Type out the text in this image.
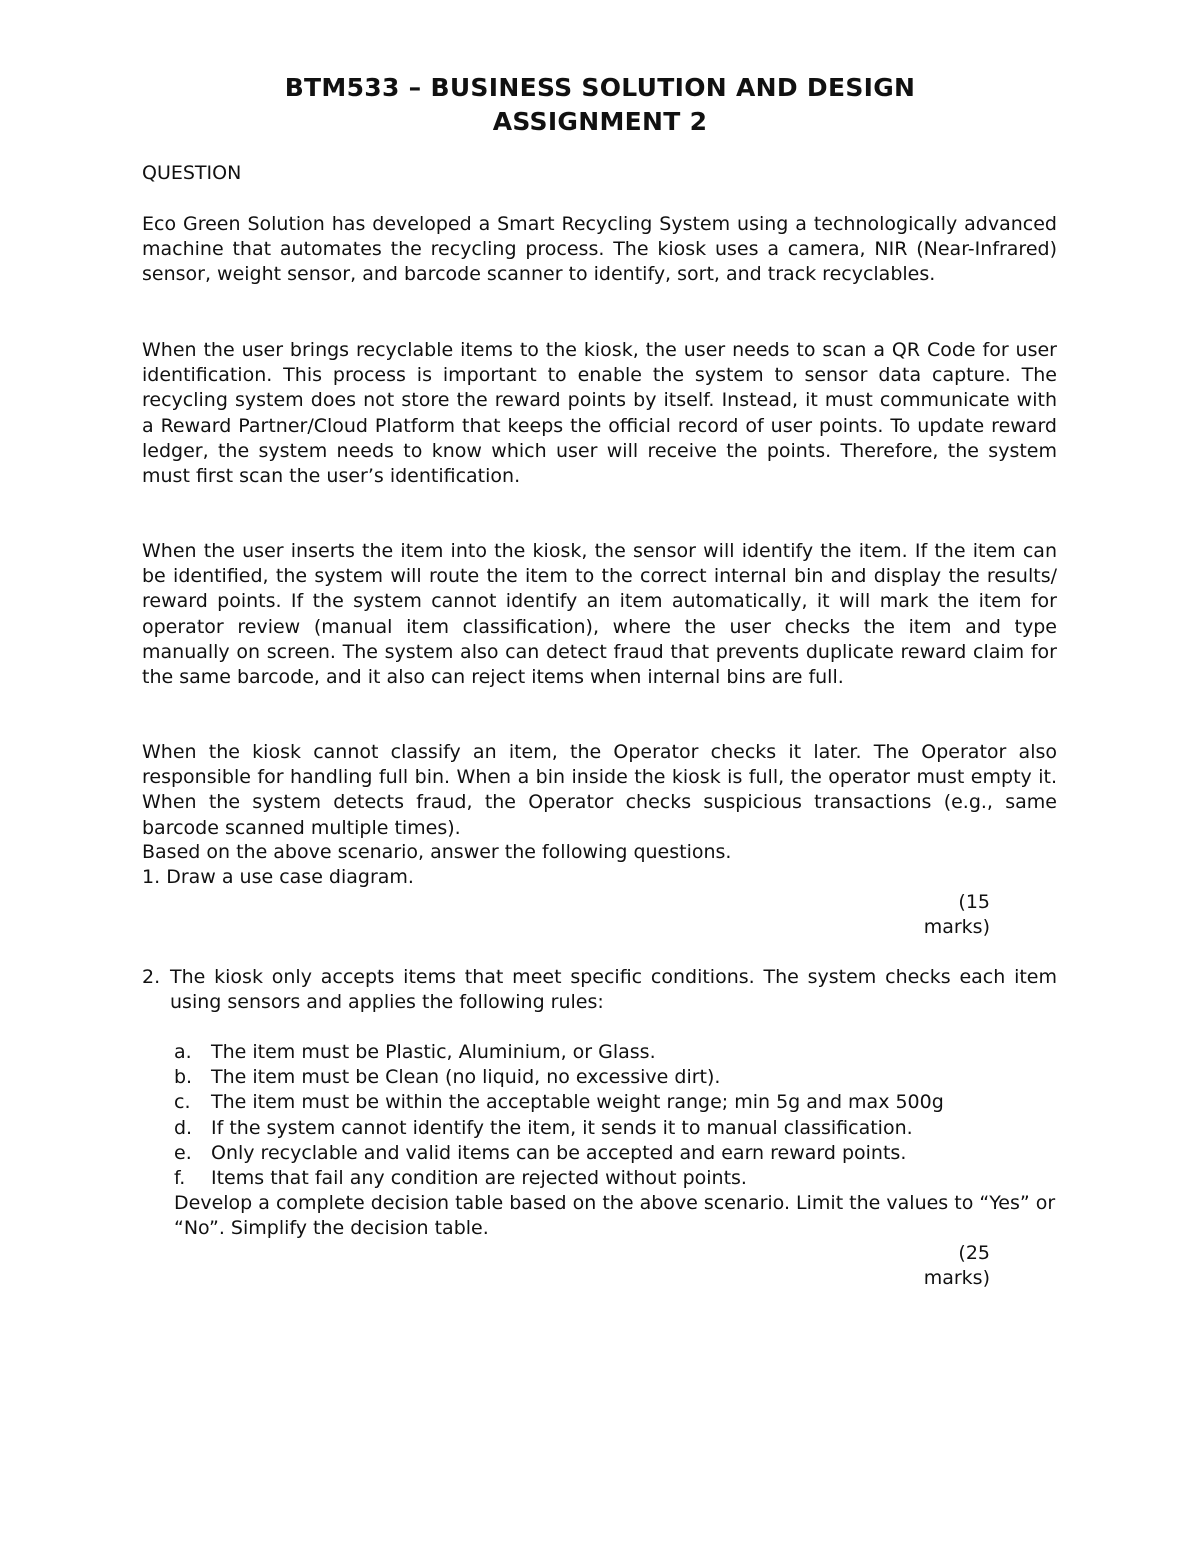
BTM533 – BUSINESS SOLUTION AND DESIGN
ASSIGNMENT 2
QUESTION
Eco Green Solution has developed a Smart Recycling System using a technologically advanced machine that automates the recycling process. The kiosk uses a camera, NIR (Near-Infrared) sensor, weight sensor, and barcode scanner to identify, sort, and track recyclables.
When the user brings recyclable items to the kiosk, the user needs to scan a QR Code for user identification. This process is important to enable the system to sensor data capture. The recycling system does not store the reward points by itself. Instead, it must communicate with a Reward Partner/Cloud Platform that keeps the official record of user points. To update reward ledger, the system needs to know which user will receive the points. Therefore, the system must first scan the user’s identification.
When the user inserts the item into the kiosk, the sensor will identify the item. If the item can be identified, the system will route the item to the correct internal bin and display the results/ reward points. If the system cannot identify an item automatically, it will mark the item for operator review (manual item classification), where the user checks the item and type manually on screen. The system also can detect fraud that prevents duplicate reward claim for the same barcode, and it also can reject items when internal bins are full.
When the kiosk cannot classify an item, the Operator checks it later. The Operator also responsible for handling full bin. When a bin inside the kiosk is full, the operator must empty it. When the system detects fraud, the Operator checks suspicious transactions (e.g., same barcode scanned multiple times).
Based on the above scenario, answer the following questions.
1. Draw a use case diagram.
(15
marks)
2. The kiosk only accepts items that meet specific conditions. The system checks each item using sensors and applies the following rules:
a. The item must be Plastic, Aluminium, or Glass.
b. The item must be Clean (no liquid, no excessive dirt).
c. The item must be within the acceptable weight range; min 5g and max 500g
d. If the system cannot identify the item, it sends it to manual classification.
e. Only recyclable and valid items can be accepted and earn reward points.
f. Items that fail any condition are rejected without points.
Develop a complete decision table based on the above scenario. Limit the values to “Yes” or “No”. Simplify the decision table.
(25
marks)
